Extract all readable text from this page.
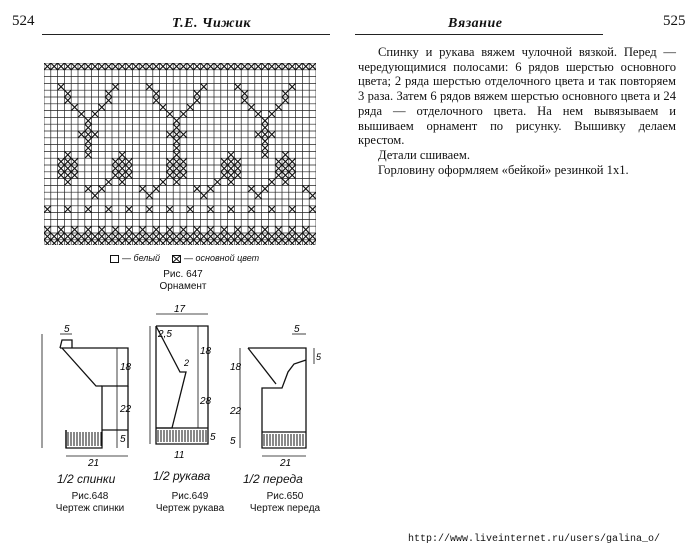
524	Т.Е. Чижик	Вязание	525

Спинку и рукава вяжем чулочной вязкой. Перед — чередующимися полосами: 6 рядов шерстью основного цвета; 2 ряда шерстью отделочного цвета и так повторяем 3 раза. Затем 6 рядов вяжем шерстью основного цвета и 24 ряда — отделочного цвета. На нем вывязываем и вышиваем орнамент по рисунку. Вышивку делаем крестом.

Детали сшиваем.

Горловину оформляем «бейкой» резинкой 1x1.

— белый	— основной цвет
Рис. 647
Орнамент
5
18
22
5
21
1/2 спинки
Рис.648
Чертеж спинки
17
2,5
18
2
28
5
11
1/2 рукава
Рис.649
Чертеж рукава
5
5
18
22
5
21
1/2 переда
Рис.650
Чертеж переда
http://www.liveinternet.ru/users/galina_o/
